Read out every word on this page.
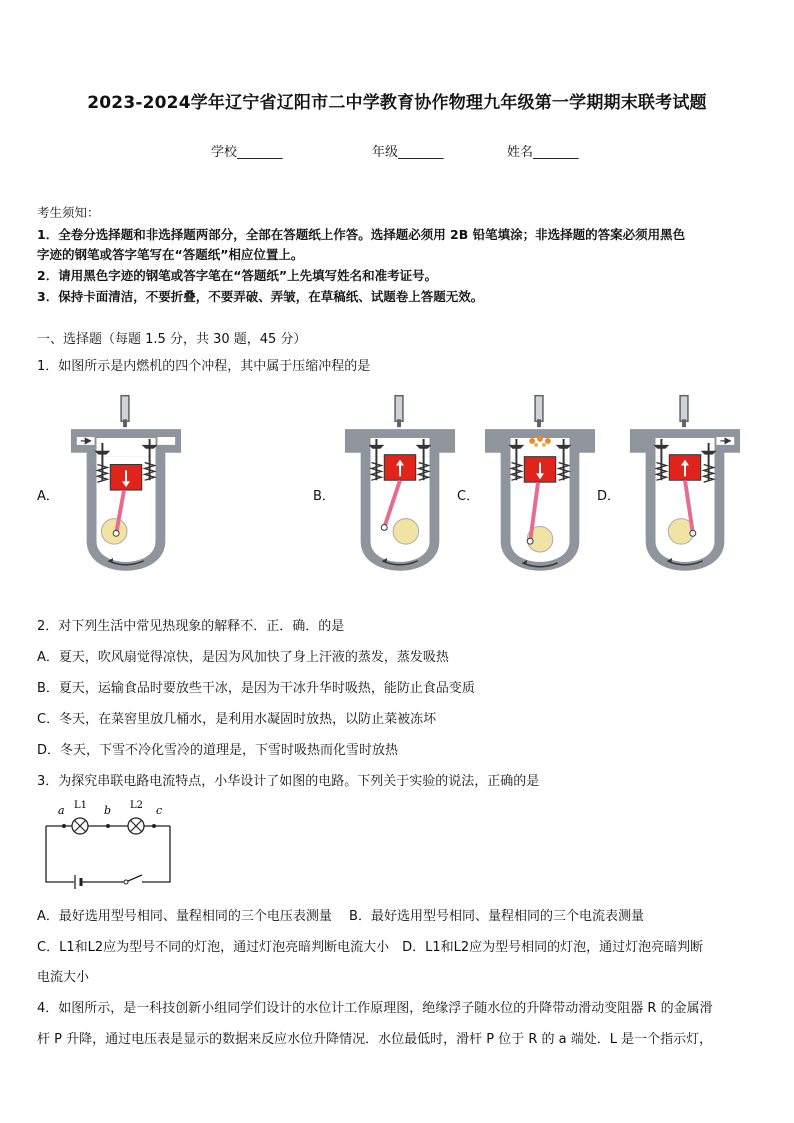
2023-2024学年辽宁省辽阳市二中学教育协作物理九年级第一学期期末联考试题
学校_______	年级_______	姓名_______
考生须知：
1．全卷分选择题和非选择题两部分，全部在答题纸上作答。选择题必须用 2B 铅笔填涂；非选择题的答案必须用黑色
字迹的钢笔或答字笔写在“答题纸”相应位置上。
2．请用黑色字迹的钢笔或答字笔在“答题纸”上先填写姓名和准考证号。
3．保持卡面清洁，不要折叠，不要弄破、弄皱，在草稿纸、试题卷上答题无效。
一、选择题（每题 1.5 分，共 30 题，45 分）
1．如图所示是内燃机的四个冲程，其中属于压缩冲程的是
A．	B．	C．	D．
2．对下列生活中常见热现象的解释不．正．确．的是
A．夏天，吹风扇觉得凉快，是因为风加快了身上汗液的蒸发，蒸发吸热
B．夏天，运输食品时要放些干冰，是因为干冰升华时吸热，能防止食品变质
C．冬天，在菜窖里放几桶水，是利用水凝固时放热，以防止菜被冻坏
D．冬天，下雪不冷化雪冷的道理是，下雪时吸热而化雪时放热
3．为探究串联电路电流特点，小华设计了如图的电路。下列关于实验的说法，正确的是
a L1 b L2 c
A．最好选用型号相同、量程相同的三个电压表测量　 B．最好选用型号相同、量程相同的三个电流表测量
C．L1和L2应为型号不同的灯泡，通过灯泡亮暗判断电流大小　D．L1和L2应为型号相同的灯泡，通过灯泡亮暗判断
电流大小
4．如图所示，是一科技创新小组同学们设计的水位计工作原理图，绝缘浮子随水位的升降带动滑动变阻器 R 的金属滑
杆 P 升降，通过电压表是显示的数据来反应水位升降情况．水位最低时，滑杆 P 位于 R 的 a 端处．L 是一个指示灯，
